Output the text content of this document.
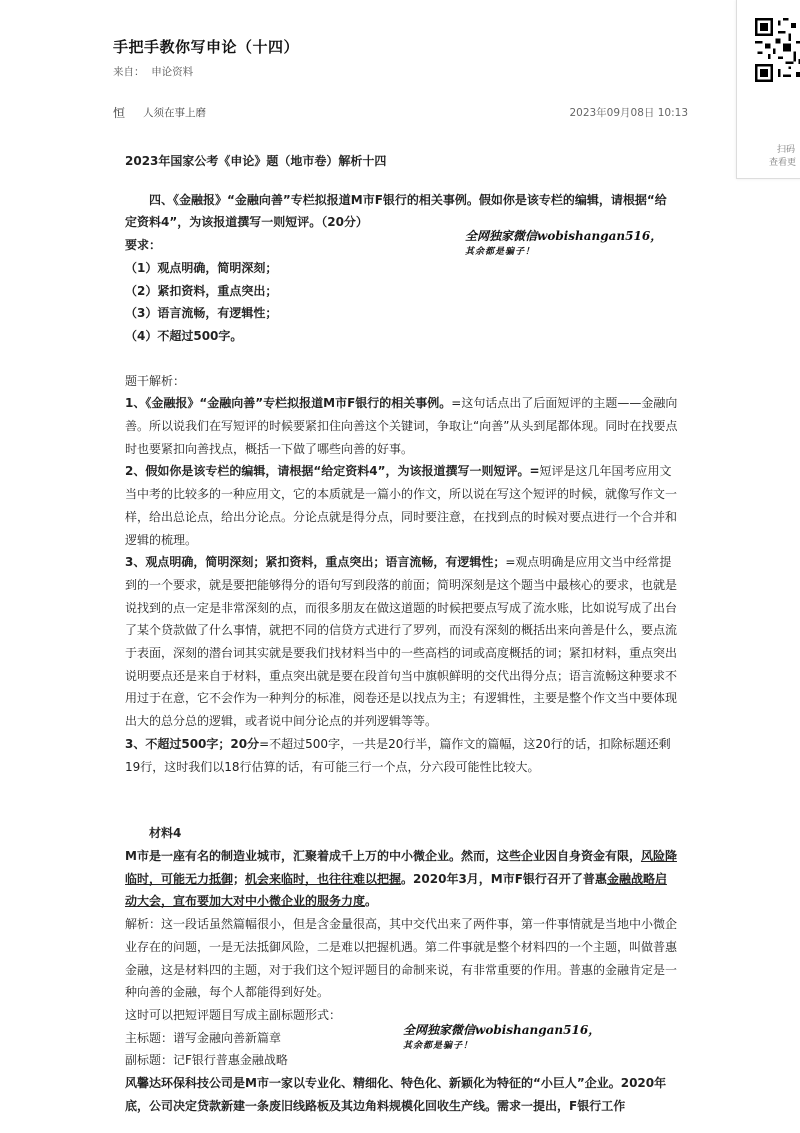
手把手教你写申论（十四）
来自： 申论资料
恒 人须在事上磨	2023年09月08日 10:13
扫码
查看更

2023年国家公考《申论》题（地市卷）解析十四

四、《金融报》“金融向善”专栏拟报道M市F银行的相关事例。假如你是该专栏的编辑，请根据“给定资料4”，为该报道撰写一则短评。（20分）

要求：

（1）观点明确，简明深刻；

（2）紧扣资料，重点突出；

（3）语言流畅，有逻辑性；

（4）不超过500字。

题干解析：

1、《金融报》“金融向善”专栏拟报道M市F银行的相关事例。=这句话点出了后面短评的主题——金融向善。所以说我们在写短评的时候要紧扣住向善这个关键词，争取让“向善”从头到尾都体现。同时在找要点时也要紧扣向善找点，概括一下做了哪些向善的好事。

2、假如你是该专栏的编辑，请根据“给定资料4”，为该报道撰写一则短评。=短评是这几年国考应用文当中考的比较多的一种应用文，它的本质就是一篇小的作文，所以说在写这个短评的时候，就像写作文一样，给出总论点，给出分论点。分论点就是得分点，同时要注意，在找到点的时候对要点进行一个合并和逻辑的梳理。

3、观点明确，简明深刻；紧扣资料，重点突出；语言流畅，有逻辑性；=观点明确是应用文当中经常提到的一个要求，就是要把能够得分的语句写到段落的前面；简明深刻是这个题当中最核心的要求，也就是说找到的点一定是非常深刻的点，而很多朋友在做这道题的时候把要点写成了流水账，比如说写成了出台了某个贷款做了什么事情，就把不同的信贷方式进行了罗列，而没有深刻的概括出来向善是什么，要点流于表面，深刻的潜台词其实就是要我们找材料当中的一些高档的词或高度概括的词；紧扣材料，重点突出说明要点还是来自于材料，重点突出就是要在段首句当中旗帜鲜明的交代出得分点；语言流畅这种要求不用过于在意，它不会作为一种判分的标准，阅卷还是以找点为主；有逻辑性，主要是整个作文当中要体现出大的总分总的逻辑，或者说中间分论点的并列逻辑等等。

3、不超过500字；20分=不超过500字，一共是20行半，篇作文的篇幅，这20行的话，扣除标题还剩19行，这时我们以18行估算的话，有可能三行一个点，分六段可能性比较大。

材料4

M市是一座有名的制造业城市，汇聚着成千上万的中小微企业。然而，这些企业因自身资金有限，风险降临时，可能无力抵御；机会来临时，也往往难以把握。2020年3月，M市F银行召开了普惠金融战略启动大会，宣布要加大对中小微企业的服务力度。

解析：这一段话虽然篇幅很小，但是含金量很高，其中交代出来了两件事，第一件事情就是当地中小微企业存在的问题，一是无法抵御风险，二是难以把握机遇。第二件事就是整个材料四的一个主题，叫做普惠金融，这是材料四的主题，对于我们这个短评题目的命制来说，有非常重要的作用。普惠的金融肯定是一种向善的金融，每个人都能得到好处。

这时可以把短评题目写成主副标题形式：

主标题：谱写金融向善新篇章

副标题：记F银行普惠金融战略

风馨达环保科技公司是M市一家以专业化、精细化、特色化、新颖化为特征的“小巨人”企业。2020年底，公司决定贷款新建一条废旧线路板及其边角料规模化回收生产线。需求一提出，F银行工作

全网独家微信wobishangan516，
其余都是骗子！
全网独家微信wobishangan516，
其余都是骗子！
